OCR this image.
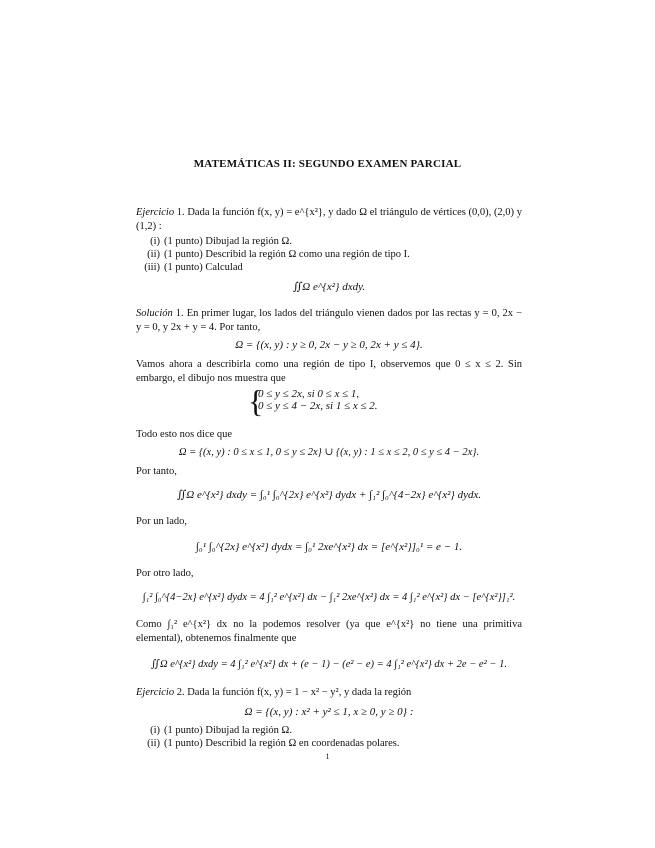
MATEMÁTICAS II: SEGUNDO EXAMEN PARCIAL
Ejercicio 1. Dada la función f(x, y) = e^{x²}, y dado Ω el triángulo de vértices (0,0), (2,0) y (1,2) :
(i) (1 punto) Dibujad la región Ω.
(ii) (1 punto) Describid la región Ω como una región de tipo I.
(iii) (1 punto) Calculad
∬Ω e^{x²} dxdy.
Solución 1. En primer lugar, los lados del triángulo vienen dados por las rectas y = 0, 2x − y = 0, y 2x + y = 4. Por tanto,
Ω = {(x, y) : y ≥ 0, 2x − y ≥ 0, 2x + y ≤ 4}.
Vamos ahora a describirla como una región de tipo I, observemos que 0 ≤ x ≤ 2. Sin embargo, el dibujo nos muestra que
{
0 ≤ y ≤ 2x, si 0 ≤ x ≤ 1,
0 ≤ y ≤ 4 − 2x, si 1 ≤ x ≤ 2.
Todo esto nos dice que
Ω = {(x, y) : 0 ≤ x ≤ 1, 0 ≤ y ≤ 2x} ∪ {(x, y) : 1 ≤ x ≤ 2, 0 ≤ y ≤ 4 − 2x}.
Por tanto,
∬Ω e^{x²} dxdy = ∫₀¹ ∫₀^{2x} e^{x²} dydx + ∫₁² ∫₀^{4−2x} e^{x²} dydx.
Por un lado,
∫₀¹ ∫₀^{2x} e^{x²} dydx = ∫₀¹ 2xe^{x²} dx = [e^{x²}]₀¹ = e − 1.
Por otro lado,
∫₁² ∫₀^{4−2x} e^{x²} dydx = 4 ∫₁² e^{x²} dx − ∫₁² 2xe^{x²} dx = 4 ∫₁² e^{x²} dx − [e^{x²}]₁².
Como ∫₁² e^{x²} dx no la podemos resolver (ya que e^{x²} no tiene una primitiva elemental), obtenemos finalmente que
∬Ω e^{x²} dxdy = 4 ∫₁² e^{x²} dx + (e − 1) − (e² − e) = 4 ∫₁² e^{x²} dx + 2e − e² − 1.
Ejercicio 2. Dada la función f(x, y) = 1 − x² − y², y dada la región
Ω = {(x, y) : x² + y² ≤ 1, x ≥ 0, y ≥ 0} :
(i) (1 punto) Dibujad la región Ω.
(ii) (1 punto) Describid la región Ω en coordenadas polares.
1
